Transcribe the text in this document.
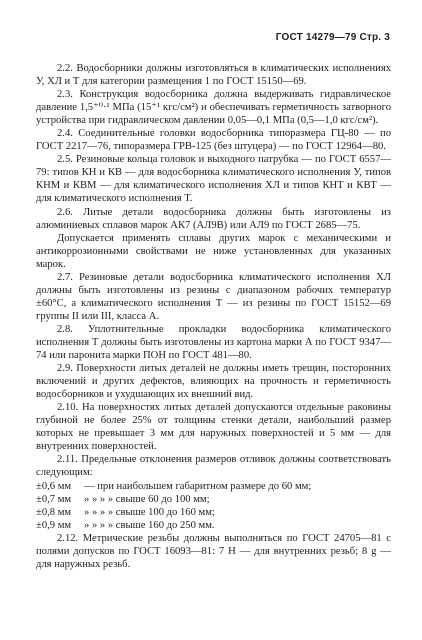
ГОСТ 14279—79 Стр. 3

2.2. Водосборники должны изготовляться в климатических исполнениях У, ХЛ и Т для категории размещения 1 по ГОСТ 15150—69.

2.3. Конструкция водосборника должна выдерживать гидравлическое давление 1,5⁺⁰·¹ МПа (15⁺¹ кгс/см²) и обеспечивать герметичность затворного устройства при гидравлическом давлении 0,05—0,1 МПа (0,5—1,0 кгс/см²).

2.4. Соединительные головки водосборника типоразмера ГЦ-80 — по ГОСТ 2217—76, типоразмера ГРВ-125 (без штуцера) — по ГОСТ 12964—80.

2.5. Резиновые кольца головок и выходного патрубка — по ГОСТ 6557—79: типов КН и КВ — для водосборника климатического исполнения У, типов КНМ и КВМ — для климатического исполнения ХЛ и типов КНТ и КВТ — для климатического исполнения Т.

2.6. Литые детали водосборника должны быть изготовлены из алюминиевых сплавов марок АК7 (АЛ9В) или АЛ9 по ГОСТ 2685—75.

Допускается применять сплавы других марок с механическими и антикоррозионными свойствами не ниже установленных для указанных марок.

2.7. Резиновые детали водосборника климатического исполнения ХЛ должны быть изготовлены из резины с диапазоном рабочих температур ±60°С, а климатического исполнения Т — из резины по ГОСТ 15152—69 группы II или III, класса А.

2.8. Уплотнительные прокладки водосборника климатического исполнения Т должны быть изготовлены из картона марки А по ГОСТ 9347—74 или паронита марки ПОН по ГОСТ 481—80.

2.9. Поверхности литых деталей не должны иметь трещин, посторонних включений и других дефектов, влияющих на прочность и герметичность водосборников и ухудшающих их внешний вид.

2.10. На поверхностях литых деталей допускаются отдельные раковины глубиной не более 25% от толщины стенки детали, наибольший размер которых не превышает 3 мм для наружных поверхностей и 5 мм — для внутренних поверхностей.

2.11. Предельные отклонения размеров отливок должны соответствовать следующим:

±0,6 мм	— при наибольшем габаритном размере до 60 мм;
±0,7 мм	» » » » свыше 60 до 100 мм;
±0,8 мм	» » » » свыше 100 до 160 мм;
±0,9 мм	» » » » свыше 160 до 250 мм.

2.12. Метрические резьбы должны выполняться по ГОСТ 24705—81 с полями допусков по ГОСТ 16093—81: 7 Н — для внутренних резьб; 8 g — для наружных резьб.
